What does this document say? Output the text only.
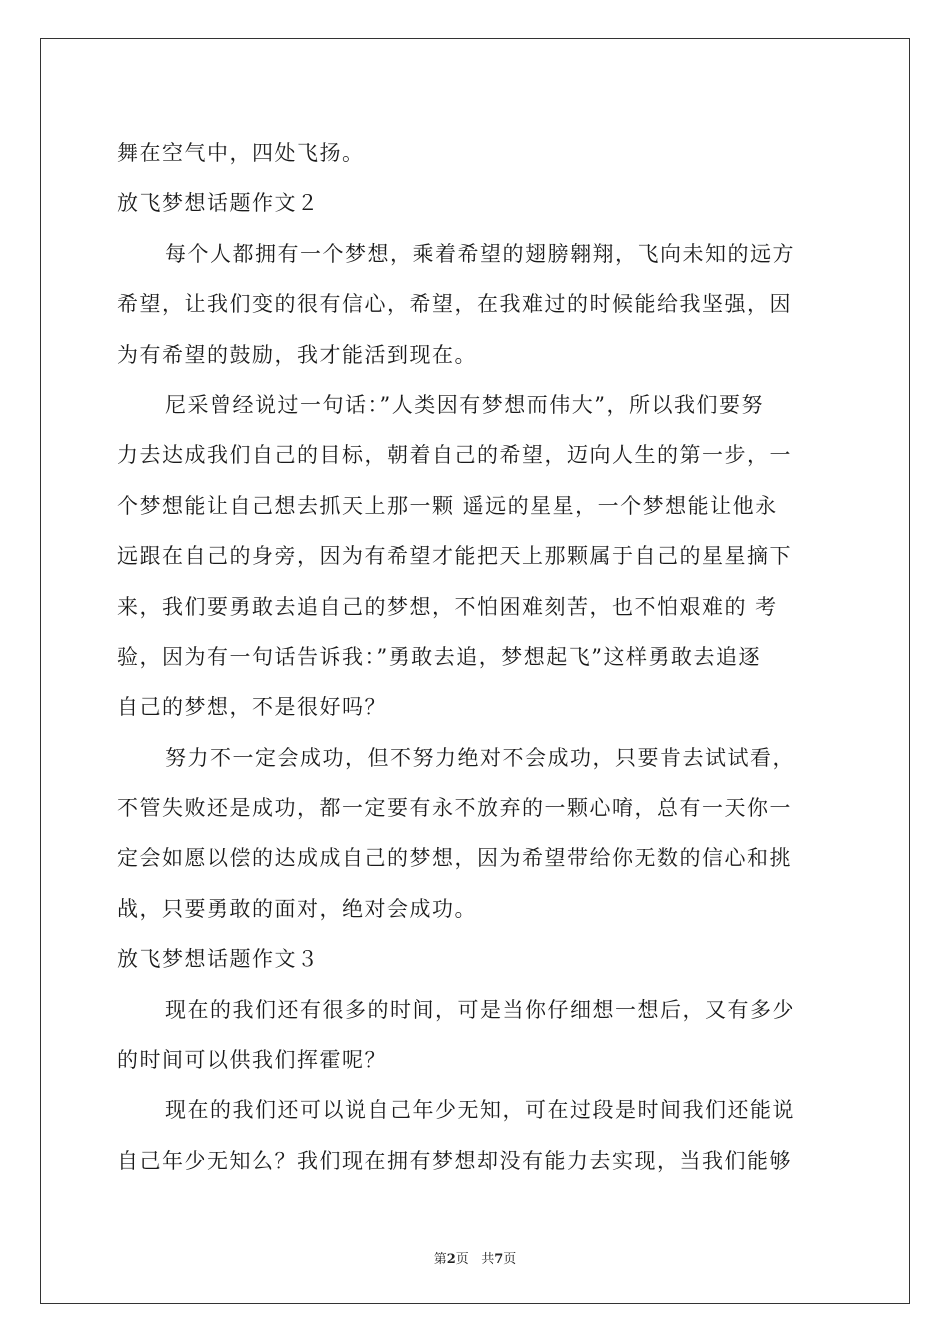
舞在空气中，四处飞扬。
放飞梦想话题作文２
每个人都拥有一个梦想，乘着希望的翅膀翱翔，飞向未知的远方
希望，让我们变的很有信心，希望，在我难过的时候能给我坚强，因
为有希望的鼓励，我才能活到现在。
尼采曾经说过一句话：”人类因有梦想而伟大”，所以我们要努
力去达成我们自己的目标，朝着自己的希望，迈向人生的第一步，一
个梦想能让自己想去抓天上那一颗 遥远的星星，一个梦想能让他永
远跟在自己的身旁，因为有希望才能把天上那颗属于自己的星星摘下
来，我们要勇敢去追自己的梦想，不怕困难刻苦，也不怕艰难的 考
验，因为有一句话告诉我：”勇敢去追，梦想起飞”这样勇敢去追逐
自己的梦想，不是很好吗？
努力不一定会成功，但不努力绝对不会成功，只要肯去试试看，
不管失败还是成功，都一定要有永不放弃的一颗心唷，总有一天你一
定会如愿以偿的达成成自己的梦想，因为希望带给你无数的信心和挑
战，只要勇敢的面对，绝对会成功。
放飞梦想话题作文３
现在的我们还有很多的时间，可是当你仔细想一想后，又有多少
的时间可以供我们挥霍呢？
现在的我们还可以说自己年少无知，可在过段是时间我们还能说
自己年少无知么？我们现在拥有梦想却没有能力去实现，当我们能够
第2页 共7页
